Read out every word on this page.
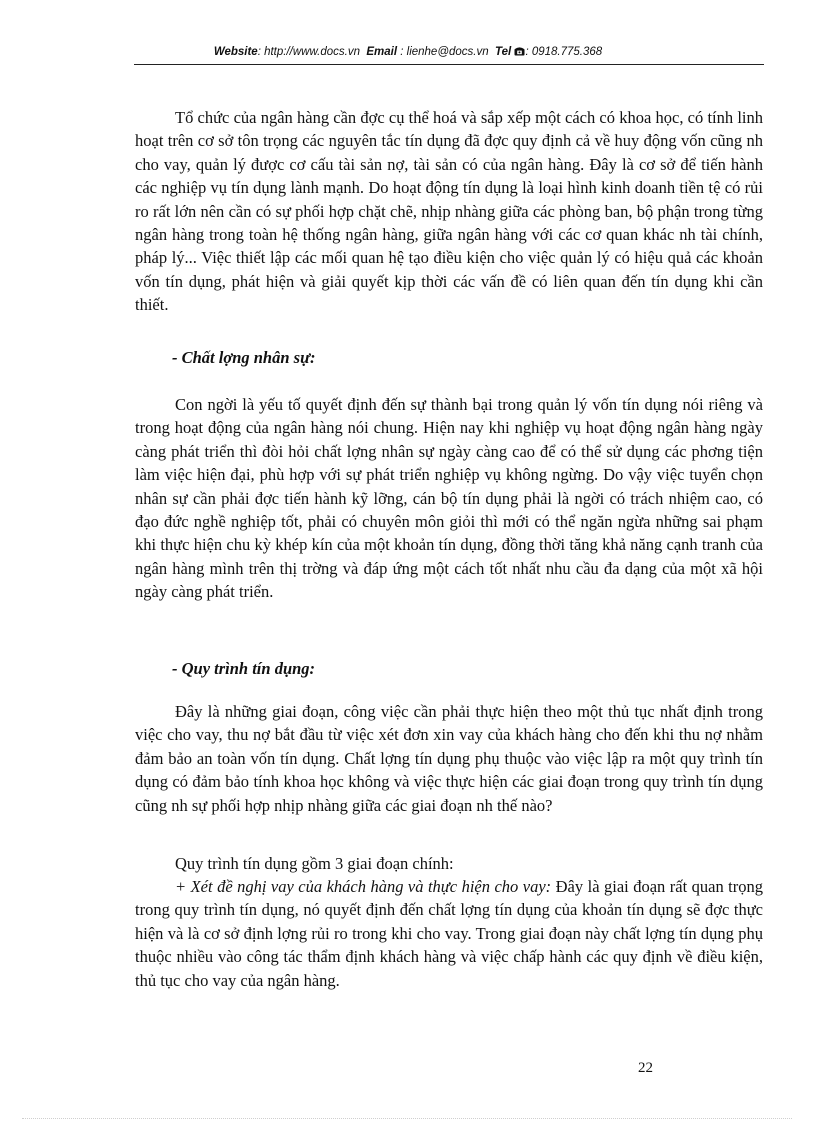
Website: http://www.docs.vn Email : lienhe@docs.vn Tel : 0918.775.368

Tổ chức của ngân hàng cần đợc cụ thể hoá và sắp xếp một cách có khoa học, có tính linh hoạt trên cơ sở tôn trọng các nguyên tắc tín dụng đã đợc quy định cả về huy động vốn cũng nh cho vay, quản lý được cơ cấu tài sản nợ, tài sản có của ngân hàng. Đây là cơ sở để tiến hành các nghiệp vụ tín dụng lành mạnh. Do hoạt động tín dụng là loại hình kinh doanh tiền tệ có rủi ro rất lớn nên cần có sự phối hợp chặt chẽ, nhịp nhàng giữa các phòng ban, bộ phận trong từng ngân hàng trong toàn hệ thống ngân hàng, giữa ngân hàng với các cơ quan khác nh tài chính, pháp lý... Việc thiết lập các mối quan hệ tạo điều kiện cho việc quản lý có hiệu quả các khoản vốn tín dụng, phát hiện và giải quyết kịp thời các vấn đề có liên quan đến tín dụng khi cần thiết.

- Chất lợng nhân sự:

Con ngời là yếu tố quyết định đến sự thành bại trong quản lý vốn tín dụng nói riêng và trong hoạt động của ngân hàng nói chung. Hiện nay khi nghiệp vụ hoạt động ngân hàng ngày càng phát triển thì đòi hỏi chất lợng nhân sự ngày càng cao để có thể sử dụng các phơng tiện làm việc hiện đại, phù hợp với sự phát triển nghiệp vụ không ngừng. Do vậy việc tuyển chọn nhân sự cần phải đợc tiến hành kỹ lỡng, cán bộ tín dụng phải là ngời có trách nhiệm cao, có đạo đức nghề nghiệp tốt, phải có chuyên môn giỏi thì mới có thể ngăn ngừa những sai phạm khi thực hiện chu kỳ khép kín của một khoản tín dụng, đồng thời tăng khả năng cạnh tranh của ngân hàng mình trên thị trờng và đáp ứng một cách tốt nhất nhu cầu đa dạng của một xã hội ngày càng phát triển.

- Quy trình tín dụng:

Đây là những giai đoạn, công việc cần phải thực hiện theo một thủ tục nhất định trong việc cho vay, thu nợ bắt đầu từ việc xét đơn xin vay của khách hàng cho đến khi thu nợ nhằm đảm bảo an toàn vốn tín dụng. Chất lợng tín dụng phụ thuộc vào việc lập ra một quy trình tín dụng có đảm bảo tính khoa học không và việc thực hiện các giai đoạn trong quy trình tín dụng cũng nh sự phối hợp nhịp nhàng giữa các giai đoạn nh thế nào?

Quy trình tín dụng gồm 3 giai đoạn chính:

+ Xét đề nghị vay của khách hàng và thực hiện cho vay: Đây là giai đoạn rất quan trọng trong quy trình tín dụng, nó quyết định đến chất lợng tín dụng của khoản tín dụng sẽ đợc thực hiện và là cơ sở định lợng rủi ro trong khi cho vay. Trong giai đoạn này chất lợng tín dụng phụ thuộc nhiều vào công tác thẩm định khách hàng và việc chấp hành các quy định về điều kiện, thủ tục cho vay của ngân hàng.

22
